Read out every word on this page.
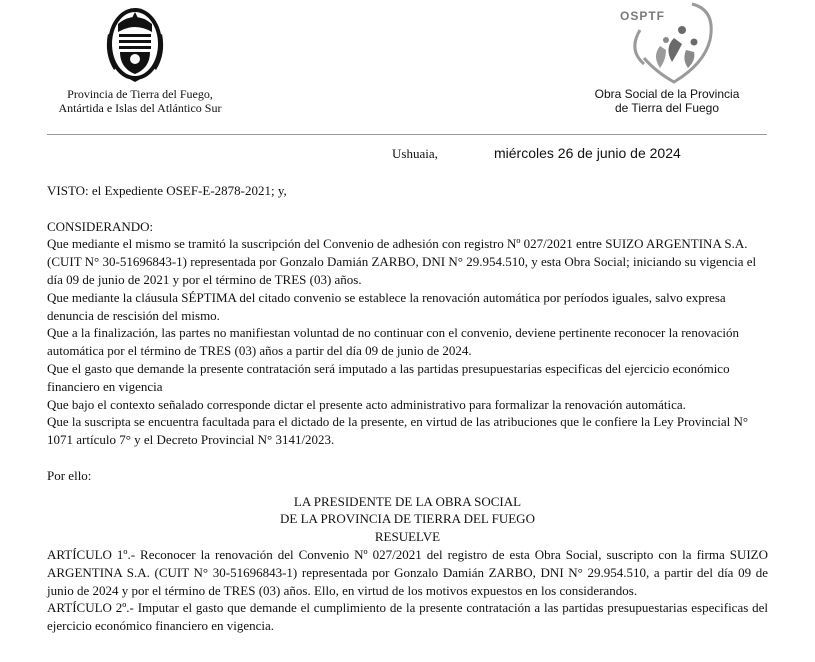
Provincia de Tierra del Fuego,
Antártida e Islas del Atlántico Sur
OSPTF
Obra Social de la Provincia
de Tierra del Fuego
Ushuaia,	miércoles 26 de junio de 2024

VISTO: el Expediente OSEF-E-2878-2021; y,

CONSIDERANDO:

Que mediante el mismo se tramitó la suscripción del Convenio de adhesión con registro Nº 027/2021 entre SUIZO ARGENTINA S.A. (CUIT N° 30-51696843-1) representada por Gonzalo Damián ZARBO, DNI N° 29.954.510, y esta Obra Social; iniciando su vigencia el día 09 de junio de 2021 y por el término de TRES (03) años.

Que mediante la cláusula SÉPTIMA del citado convenio se establece la renovación automática por períodos iguales, salvo expresa denuncia de rescisión del mismo.

Que a la finalización, las partes no manifiestan voluntad de no continuar con el convenio, deviene pertinente reconocer la renovación automática por el término de TRES (03) años a partir del día 09 de junio de 2024.

Que el gasto que demande la presente contratación será imputado a las partidas presupuestarias especificas del ejercicio económico financiero en vigencia

Que bajo el contexto señalado corresponde dictar el presente acto administrativo para formalizar la renovación automática.

Que la suscripta se encuentra facultada para el dictado de la presente, en virtud de las atribuciones que le confiere la Ley Provincial N° 1071 artículo 7° y el Decreto Provincial N° 3141/2023.

Por ello:

LA PRESIDENTE DE LA OBRA SOCIAL

DE LA PROVINCIA DE TIERRA DEL FUEGO

RESUELVE

ARTÍCULO 1º.- Reconocer la renovación del Convenio Nº 027/2021 del registro de esta Obra Social, suscripto con la firma SUIZO ARGENTINA S.A. (CUIT N° 30-51696843-1) representada por Gonzalo Damián ZARBO, DNI N° 29.954.510, a partir del día 09 de junio de 2024 y por el término de TRES (03) años. Ello, en virtud de los motivos expuestos en los considerandos.

ARTÍCULO 2º.- Imputar el gasto que demande el cumplimiento de la presente contratación a las partidas presupuestarias especificas del ejercicio económico financiero en vigencia.
